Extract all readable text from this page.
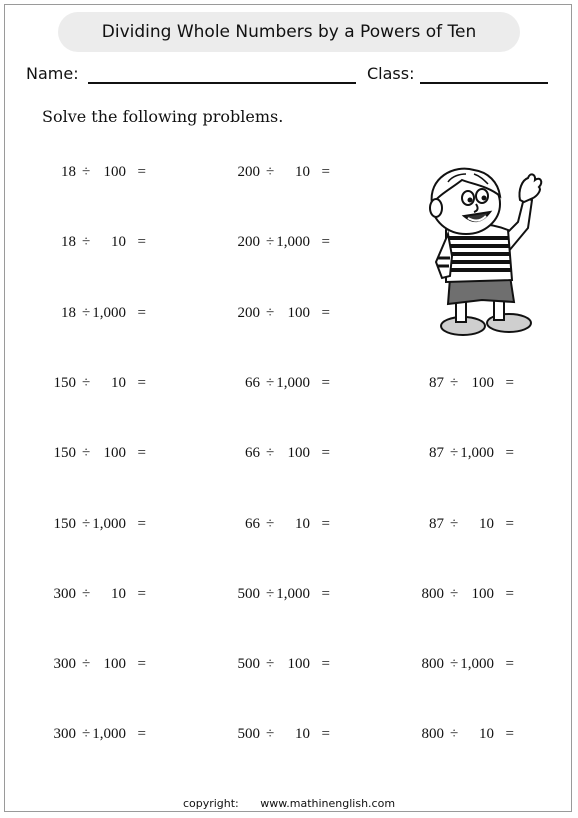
Dividing Whole Numbers by a Powers of Ten
Name:	Class:
Solve the following problems.
18 ÷ 100 =	200 ÷ 10 =
18 ÷ 10 =	200 ÷ 1,000 =
18 ÷ 1,000 =	200 ÷ 100 =
150 ÷ 10 =	66 ÷ 1,000 =	87 ÷ 100 =
150 ÷ 100 =	66 ÷ 100 =	87 ÷ 1,000 =
150 ÷ 1,000 =	66 ÷ 10 =	87 ÷ 10 =
300 ÷ 10 =	500 ÷ 1,000 =	800 ÷ 100 =
300 ÷ 100 =	500 ÷ 100 =	800 ÷ 1,000 =
300 ÷ 1,000 =	500 ÷ 10 =	800 ÷ 10 =
copyright: www.mathinenglish.com
